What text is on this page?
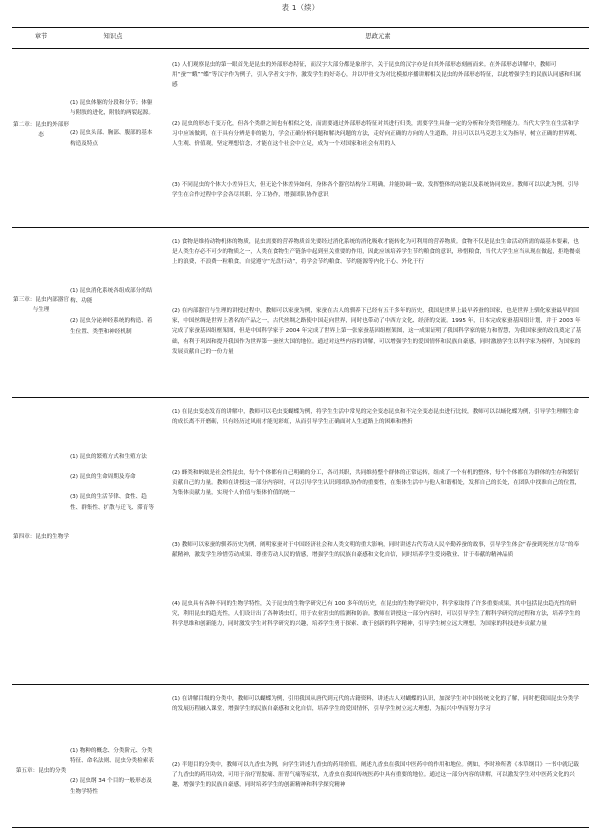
表 1（续）
章节	知识点	思政元素
第二章：昆虫的外部形态
(1) 昆虫体躯的分段和分节；体躯与附肢的进化，附肢的两裂起源。
(2) 昆虫头部、胸部、腹部的基本构造及特点
(1) 人们观察昆虫的第一眼首先是昆虫的外部形态特征，而汉字大部分都是象形字，关于昆虫的汉字亦是自其外部形态刻画而来。在外部形态讲解中，教师可用“蚕”“蛾”“蝶”等汉字作为例子，引入学者文字作，激发学生的好奇心，并以甲骨文为对比模拟序播讲解相关昆虫的外部形态特征，以此增强学生的民族认同感和归属感
(2) 昆虫的形态千变万化，但各个类群之间也有相似之处，而需要通过外部形态特征对其进行归类，需要学生具备一定的分析和分类管理能力。当代大学生在生活和学习中应该做到，在于具有分辨是非的能力，学会正确分析问题和解决问题的方法，走好向正确的方向的人生道路，并且可以以马克思主义为指导，树立正确的世界观、人生观、价值观，坚定理想信念，才能在这个社会中立足，成为一个对国家和社会有用的人
(3) 不同昆虫的个体大小差异巨大，但无论个体差异如何，身体各个器官结构分工明确，并能协调一致，发挥整体的功能以及系统协同效应。教师可以以此为例，引导学生在合作过程中学会各尽其职、分工协作，增强团队协作意识
第三章：昆虫内部器官与生理
(1) 昆虫消化系统各组成部分的结构、功能
(2) 昆虫分泌神经系统的构造、着生位置、类型和神经机制
(1) 食物是维持动物机体的物质，昆虫需要的营养物质首先要经过消化系统的消化吸收才能转化为可利用的营养物质。食物不仅是昆虫生命活动所需的最基本要素，也是人类生存必不可少的物质之一，人类在食物生产链条中起到至关重要的作用，因此应该培养学生节约粮食的意识，珍惜粮食，当代大学生应当从现在做起，拒绝餐桌上的浪费，不浪费一粒粮食，自觉遵守“光盘行动”，将学会节约粮食、节约能源等内化于心、外化于行
(2) 在内部器官与生理的讲授过程中，教师可以家蚕为例，家蚕在古人的驯养下已经有五千多年的历史，我国是世界上最早养蚕的国家，也是世界上驯化家蚕最早的国家，中国丝绸是世界上著名的产品之一，古代丝绸之路使中国走向世界，同时也带动了中西方文化、经济的交流。1995 年，日本完成家蚕基因组计划，并于 2003 年完成了家蚕基因组框架图，但是中国科学家于 2004 年完成了世界上第一张家蚕基因组框架图，这一成果证明了我国科学家的能力和智慧，为我国家蚕的改良奠定了基础，有利于巩固和提升我国作为世界第一蚕丝大国的地位。通过对这些内容的讲解，可以增强学生的爱国情怀和民族自豪感，同时激励学生以科学家为榜样，为国家的发展贡献自己的一份力量
第四章：昆虫的生物学
(1) 昆虫的繁殖方式和生殖方法
(2) 昆虫的生命周期及寿命
(3) 昆虫的生活节律、食性、趋性、群集性、扩散与迁飞、滞育等
(1) 在昆虫变态发育的讲解中，教师可以毛虫变蝴蝶为例，将学生生活中常见的完全变态昆虫和不完全变态昆虫进行比较，教师可以以蛹化蝶为例，引导学生理解生命的成长离不开磨砺，只有经历过风雨才能见彩虹，从而引导学生正确面对人生道路上的困难和挫折
(2) 蜂类和蚂蚁是社会性昆虫，每个个体都有自己明确的分工，各司其职，共同维持整个群体的正常运转，组成了一个有机的整体，每个个体都在为群体的生存和繁衍贡献自己的力量。教师在讲授这一部分内容时，可以引导学生认识到团队协作的重要性，在集体生活中与他人和谐相处，发挥自己的长处，在团队中找准自己的位置，为集体贡献力量，实现个人价值与集体价值的统一
(3) 教师可以家蚕的驯养历史为例，阐明家蚕对于中国经济社会和人类文明的重大影响，同时讲述古代劳动人民辛勤养蚕的故事，引导学生体会“春蚕到死丝方尽”的奉献精神，激发学生珍惜劳动成果、尊重劳动人民的情感，增强学生的民族自豪感和文化自信，同时培养学生爱岗敬业、甘于奉献的精神品质
(4) 昆虫具有各种不同的生物学特性，关于昆虫的生物学研究已有 100 多年的历史，在昆虫的生物学研究中，科学家取得了许多重要成果，其中包括昆虫趋光性的研究，利用昆虫的趋光性，人们设计出了各种诱虫灯，用于农业害虫的监测和防治。教师在讲授这一部分内容时，可以引导学生了解科学研究的过程和方法，培养学生的科学思维和创新能力，同时激发学生对科学研究的兴趣，培养学生勇于探索、敢于创新的科学精神，引导学生树立远大理想，为国家的科技进步贡献力量
第五章：昆虫的分类
(1) 物种的概念、分类阶元、分类特征、命名法则、昆虫分类检索表
(2) 昆虫纲 34 个目的一般形态及生物学特性
(1) 在讲解目级的分类中，教师可以蝴蝶为例，引用我国从唐代到元代的古籍资料，讲述古人对蝴蝶的认识，加深学生对中国传统文化的了解，同时把我国昆虫分类学的发展历程融入课堂，增强学生的民族自豪感和文化自信，培养学生的爱国情怀，引导学生树立远大理想，为振兴中华而努力学习
(2) 半翅目的分类中，教师可以九香虫为例，向学生讲述九香虫的药用价值，阐述九香虫在我国中医药中的作用和地位。例如，李时珍所著《本草纲目》一书中就记载了九香虫的药用功效，可用于治疗胃脘痛、肝胃气痛等症状，九香虫在我国传统医药中具有重要的地位。通过这一部分内容的讲解，可以激发学生对中医药文化的兴趣，增强学生的民族自豪感，同时培养学生的创新精神和科学探究精神
